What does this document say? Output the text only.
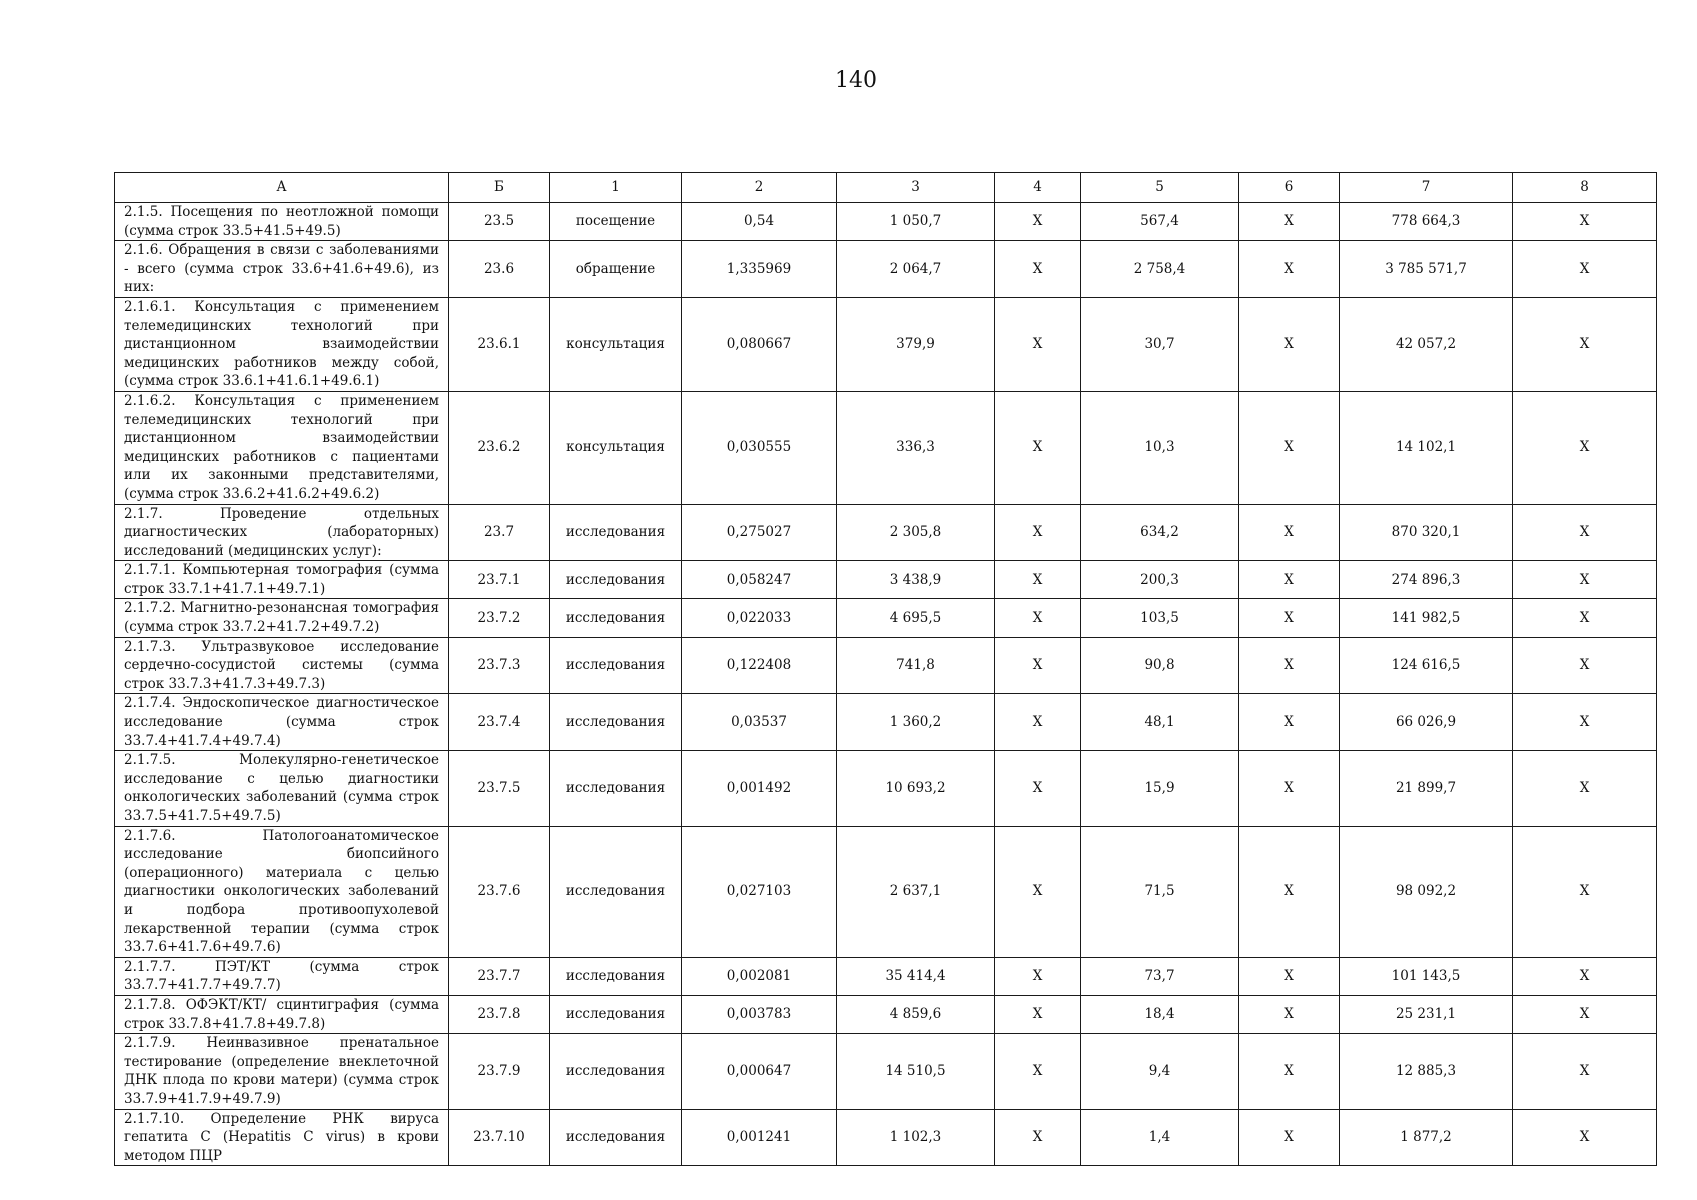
140
А	Б	1	2	3	4	5	6	7	8
2.1.5. Посещения по неотложной помощи (сумма строк 33.5+41.5+49.5)	23.5	посещение	0,54	1 050,7	Х	567,4	Х	778 664,3	Х
2.1.6. Обращения в связи с заболеваниями - всего (сумма строк 33.6+41.6+49.6), из них:	23.6	обращение	1,335969	2 064,7	Х	2 758,4	Х	3 785 571,7	Х
2.1.6.1. Консультация с применением телемедицинских технологий при дистанционном взаимодействии медицинских работников между собой, (сумма строк 33.6.1+41.6.1+49.6.1)	23.6.1	консультация	0,080667	379,9	Х	30,7	Х	42 057,2	Х
2.1.6.2. Консультация с применением телемедицинских технологий при дистанционном взаимодействии медицинских работников с пациентами или их законными представителями, (сумма строк 33.6.2+41.6.2+49.6.2)	23.6.2	консультация	0,030555	336,3	Х	10,3	Х	14 102,1	Х
2.1.7. Проведение отдельных диагностических (лабораторных) исследований (медицинских услуг):	23.7	исследования	0,275027	2 305,8	Х	634,2	Х	870 320,1	Х
2.1.7.1. Компьютерная томография (сумма строк 33.7.1+41.7.1+49.7.1)	23.7.1	исследования	0,058247	3 438,9	Х	200,3	Х	274 896,3	Х
2.1.7.2. Магнитно-резонансная томография (сумма строк 33.7.2+41.7.2+49.7.2)	23.7.2	исследования	0,022033	4 695,5	Х	103,5	Х	141 982,5	Х
2.1.7.3. Ультразвуковое исследование сердечно-сосудистой системы (сумма строк 33.7.3+41.7.3+49.7.3)	23.7.3	исследования	0,122408	741,8	Х	90,8	Х	124 616,5	Х
2.1.7.4. Эндоскопическое диагностическое исследование (сумма строк 33.7.4+41.7.4+49.7.4)	23.7.4	исследования	0,03537	1 360,2	Х	48,1	Х	66 026,9	Х
2.1.7.5. Молекулярно-генетическое исследование с целью диагностики онкологических заболеваний (сумма строк 33.7.5+41.7.5+49.7.5)	23.7.5	исследования	0,001492	10 693,2	Х	15,9	Х	21 899,7	Х
2.1.7.6. Патологоанатомическое исследование биопсийного (операционного) материала с целью диагностики онкологических заболеваний и подбора противоопухолевой лекарственной терапии (сумма строк 33.7.6+41.7.6+49.7.6)	23.7.6	исследования	0,027103	2 637,1	Х	71,5	Х	98 092,2	Х
2.1.7.7. ПЭТ/КТ (сумма строк 33.7.7+41.7.7+49.7.7)	23.7.7	исследования	0,002081	35 414,4	Х	73,7	Х	101 143,5	Х
2.1.7.8. ОФЭКТ/КТ/ сцинтиграфия (сумма строк 33.7.8+41.7.8+49.7.8)	23.7.8	исследования	0,003783	4 859,6	Х	18,4	Х	25 231,1	Х
2.1.7.9. Неинвазивное пренатальное тестирование (определение внеклеточной ДНК плода по крови матери) (сумма строк 33.7.9+41.7.9+49.7.9)	23.7.9	исследования	0,000647	14 510,5	Х	9,4	Х	12 885,3	Х
2.1.7.10. Определение РНК вируса гепатита С (Hepatitis C virus) в крови методом ПЦР	23.7.10	исследования	0,001241	1 102,3	Х	1,4	Х	1 877,2	Х
